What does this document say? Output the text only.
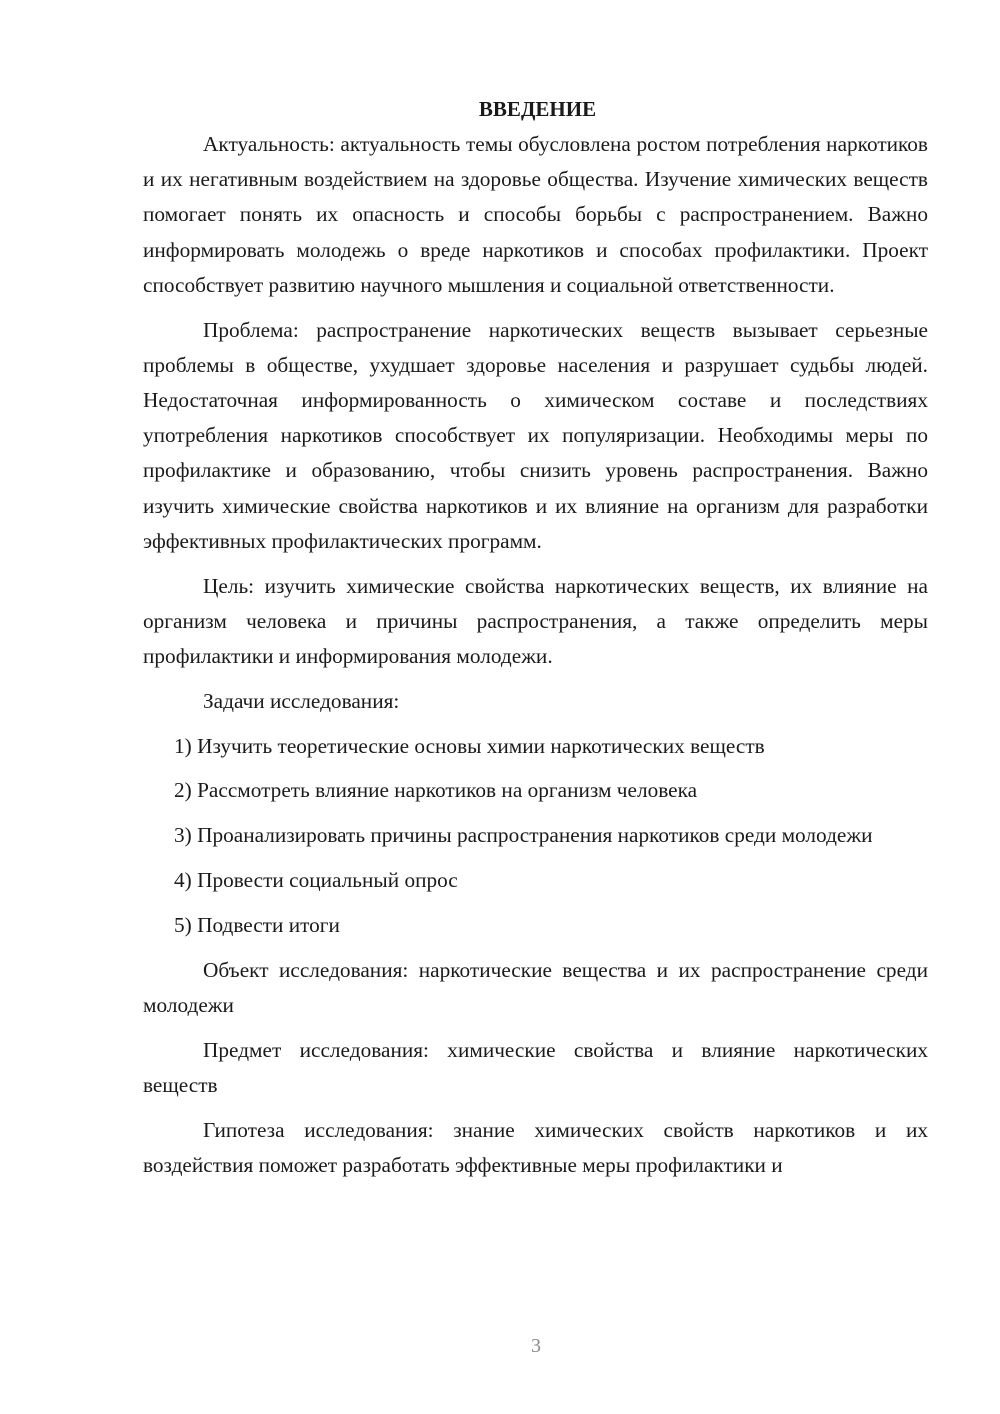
ВВЕДЕНИЕ

Актуальность: актуальность темы обусловлена ростом потребления наркотиков и их негативным воздействием на здоровье общества. Изучение химических веществ помогает понять их опасность и способы борьбы с распространением. Важно информировать молодежь о вреде наркотиков и способах профилактики. Проект способствует развитию научного мышления и социальной ответственности.

Проблема: распространение наркотических веществ вызывает серьезные проблемы в обществе, ухудшает здоровье населения и разрушает судьбы людей. Недостаточная информированность о химическом составе и последствиях употребления наркотиков способствует их популяризации. Необходимы меры по профилактике и образованию, чтобы снизить уровень распространения. Важно изучить химические свойства наркотиков и их влияние на организм для разработки эффективных профилактических программ.

Цель: изучить химические свойства наркотических веществ, их влияние на организм человека и причины распространения, а также определить меры профилактики и информирования молодежи.

Задачи исследования:

1) Изучить теоретические основы химии наркотических веществ

2) Рассмотреть влияние наркотиков на организм человека

3) Проанализировать причины распространения наркотиков среди молодежи

4) Провести социальный опрос

5) Подвести итоги

Объект исследования: наркотические вещества и их распространение среди молодежи

Предмет исследования: химические свойства и влияние наркотических веществ

Гипотеза исследования: знание химических свойств наркотиков и их воздействия поможет разработать эффективные меры профилактики и

3
